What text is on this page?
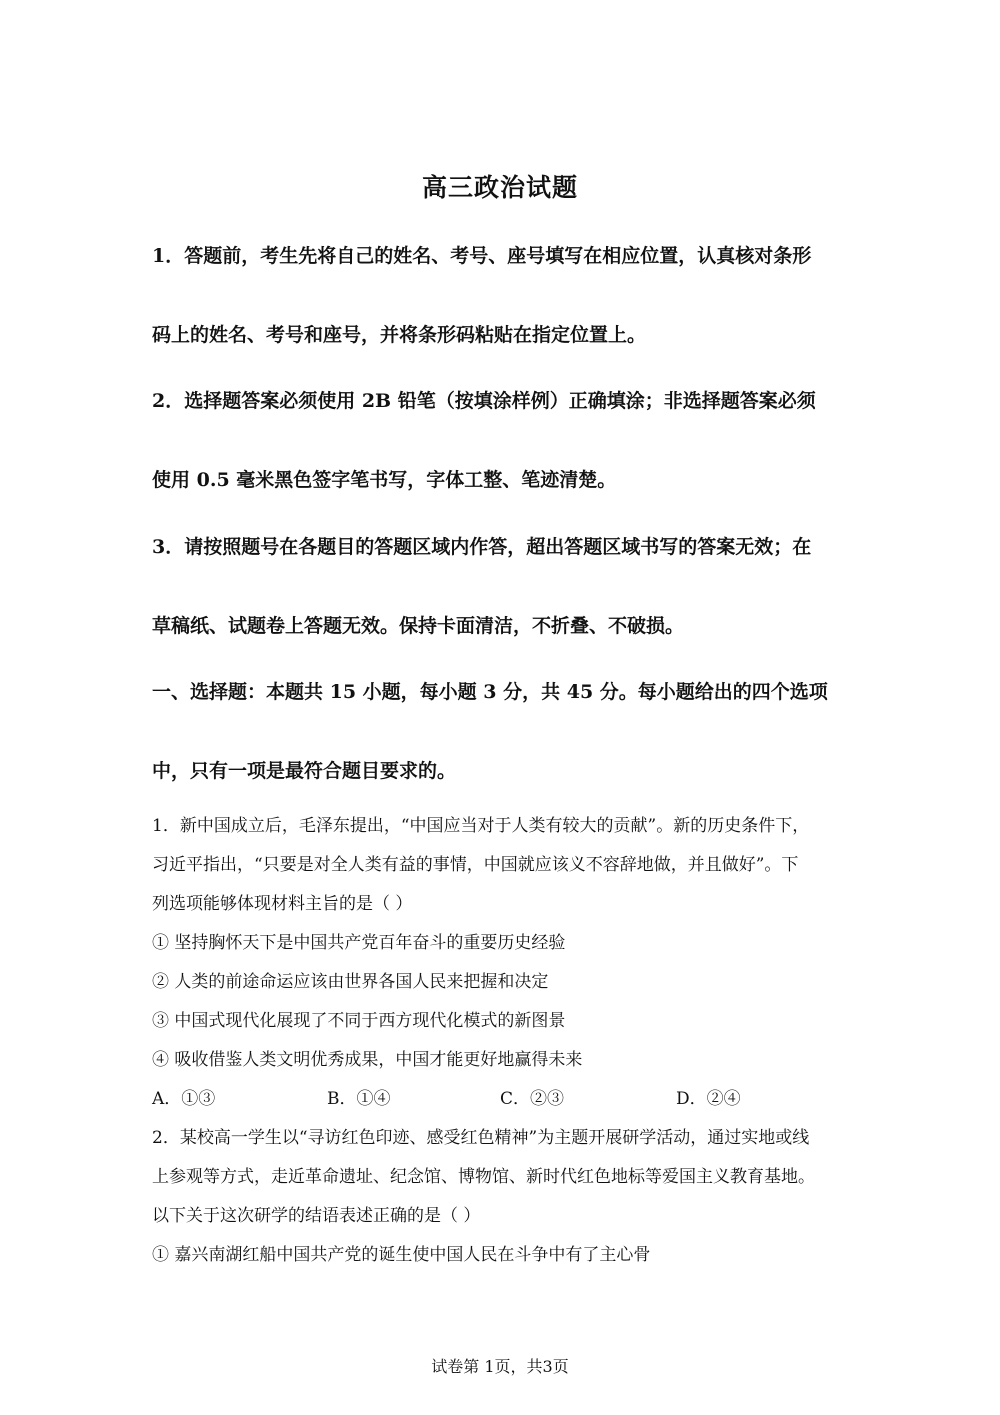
高三政治试题
1．答题前，考生先将自己的姓名、考号、座号填写在相应位置，认真核对条形
码上的姓名、考号和座号，并将条形码粘贴在指定位置上。
2．选择题答案必须使用 2B 铅笔（按填涂样例）正确填涂；非选择题答案必须
使用 0.5 毫米黑色签字笔书写，字体工整、笔迹清楚。
3．请按照题号在各题目的答题区域内作答，超出答题区域书写的答案无效；在
草稿纸、试题卷上答题无效。保持卡面清洁，不折叠、不破损。
一、选择题：本题共 15 小题，每小题 3 分，共 45 分。每小题给出的四个选项
中，只有一项是最符合题目要求的。
1．新中国成立后，毛泽东提出，“中国应当对于人类有较大的贡献”。新的历史条件下，
习近平指出，“只要是对全人类有益的事情，中国就应该义不容辞地做，并且做好”。下
列选项能够体现材料主旨的是（ ）
① 坚持胸怀天下是中国共产党百年奋斗的重要历史经验
② 人类的前途命运应该由世界各国人民来把握和决定
③ 中国式现代化展现了不同于西方现代化模式的新图景
④ 吸收借鉴人类文明优秀成果，中国才能更好地赢得未来
A．①③	B．①④	C．②③	D．②④
2．某校高一学生以“寻访红色印迹、感受红色精神”为主题开展研学活动，通过实地或线
上参观等方式，走近革命遗址、纪念馆、博物馆、新时代红色地标等爱国主义教育基地。
以下关于这次研学的结语表述正确的是（ ）
① 嘉兴南湖红船中国共产党的诞生使中国人民在斗争中有了主心骨
试卷第 1页，共3页
